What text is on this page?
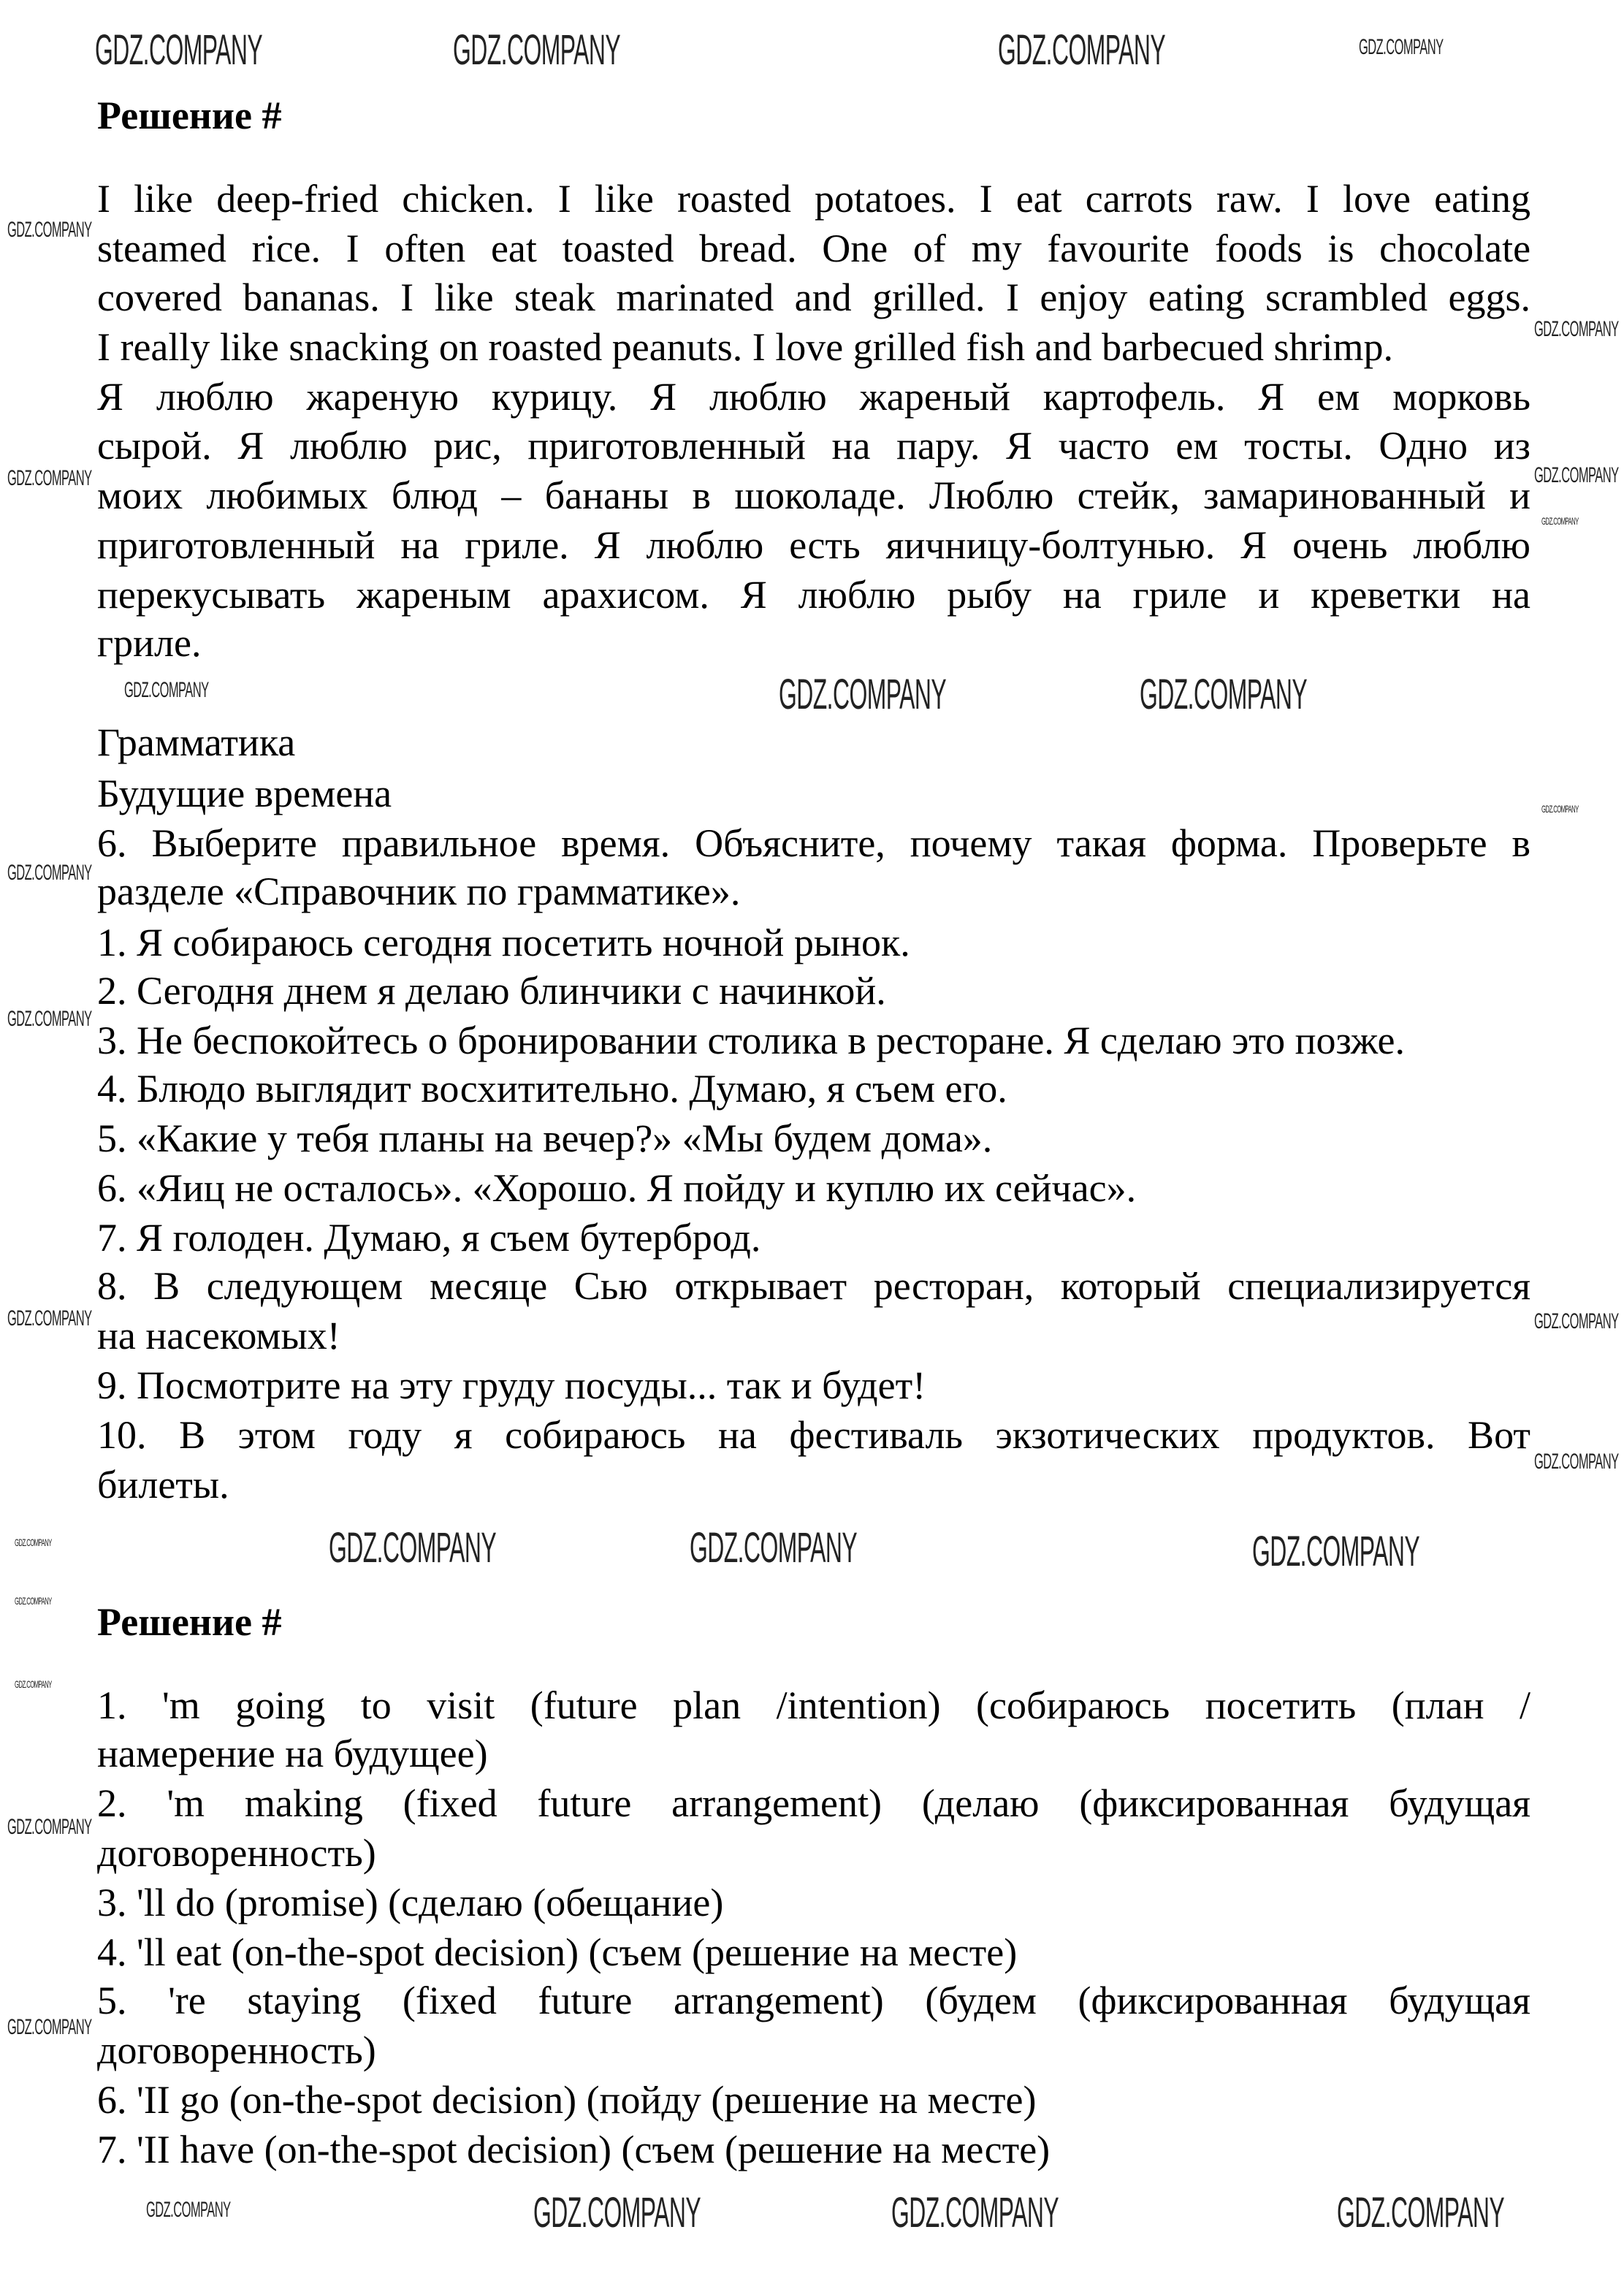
Решение #
I like deep-fried chicken. I like roasted potatoes. I eat carrots raw. I love eating
steamed rice. I often eat toasted bread. One of my favourite foods is chocolate
covered bananas. I like steak marinated and grilled. I enjoy eating scrambled eggs.
I really like snacking on roasted peanuts. I love grilled fish and barbecued shrimp.
Я люблю жареную курицу. Я люблю жареный картофель. Я ем морковь
сырой. Я люблю рис, приготовленный на пару. Я часто ем тосты. Одно из
моих любимых блюд – бананы в шоколаде. Люблю стейк, замаринованный и
приготовленный на гриле. Я люблю есть яичницу-болтунью. Я очень люблю
перекусывать жареным арахисом. Я люблю рыбу на гриле и креветки на
гриле.
Грамматика
Будущие времена
6. Выберите правильное время. Объясните, почему такая форма. Проверьте в
разделе «Справочник по грамматике».
1. Я собираюсь сегодня посетить ночной рынок.
2. Сегодня днем я делаю блинчики с начинкой.
3. Не беспокойтесь о бронировании столика в ресторане. Я сделаю это позже.
4. Блюдо выглядит восхитительно. Думаю, я съем его.
5. «Какие у тебя планы на вечер?» «Мы будем дома».
6. «Яиц не осталось». «Хорошо. Я пойду и куплю их сейчас».
7. Я голоден. Думаю, я съем бутерброд.
8. В следующем месяце Сью открывает ресторан, который специализируется
на насекомых!
9. Посмотрите на эту груду посуды... так и будет!
10. В этом году я собираюсь на фестиваль экзотических продуктов. Вот
билеты.
Решение #
1. 'm going to visit (future plan /intention) (собираюсь посетить (план /
намерение на будущее)
2. 'm making (fixed future arrangement) (делаю (фиксированная будущая
договоренность)
3. 'll do (promise) (сделаю (обещание)
4. 'll eat (on-the-spot decision) (съем (решение на месте)
5. 're staying (fixed future arrangement) (будем (фиксированная будущая
договоренность)
6. 'II go (on-the-spot decision) (пойду (решение на месте)
7. 'II have (on-the-spot decision) (съем (решение на месте)
GDZ.COMPANY	GDZ.COMPANY	GDZ.COMPANY	GDZ.COMPANY
GDZ.COMPANY	GDZ.COMPANY
GDZ.COMPANY
GDZ.COMPANY
GDZ.COMPANY
GDZ.COMPANY
GDZ.COMPANY
GDZ.COMPANY
GDZ.COMPANY
GDZ.COMPANY
GDZ.COMPANY
GDZ.COMPANY
GDZ.COMPANY
GDZ.COMPANY
GDZ.COMPANY	GDZ.COMPANY	GDZ.COMPANY
GDZ.COMPANY	GDZ.COMPANY	GDZ.COMPANY
GDZ.COMPANY
GDZ.COMPANY
GDZ.COMPANY
GDZ.COMPANY
GDZ.COMPANY
GDZ.COMPANY
